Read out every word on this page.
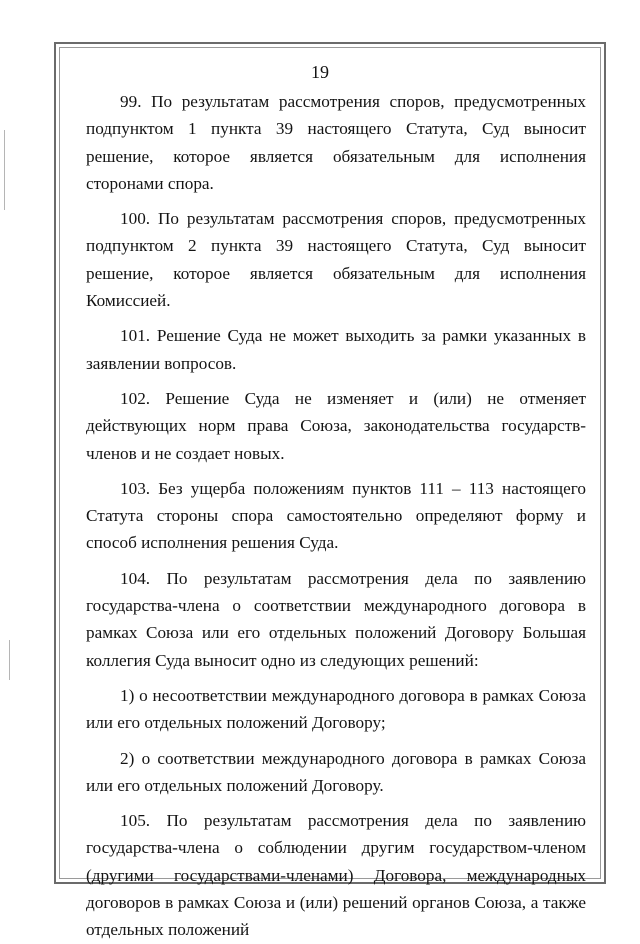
19

99. По результатам рассмотрения споров, предусмотренных подпунктом 1 пункта 39 настоящего Статута, Суд выносит решение, которое является обязательным для исполнения сторонами спора.

100. По результатам рассмотрения споров, предусмотренных подпунктом 2 пункта 39 настоящего Статута, Суд выносит решение, которое является обязательным для исполнения Комиссией.

101. Решение Суда не может выходить за рамки указанных в заявлении вопросов.

102. Решение Суда не изменяет и (или) не отменяет действующих норм права Союза, законодательства государств-членов и не создает новых.

103. Без ущерба положениям пунктов 111 – 113 настоящего Статута стороны спора самостоятельно определяют форму и способ исполнения решения Суда.

104. По результатам рассмотрения дела по заявлению государства-члена о соответствии международного договора в рамках Союза или его отдельных положений Договору Большая коллегия Суда выносит одно из следующих решений:

1) о несоответствии международного договора в рамках Союза или его отдельных положений Договору;

2) о соответствии международного договора в рамках Союза или его отдельных положений Договору.

105. По результатам рассмотрения дела по заявлению государства-члена о соблюдении другим государством-членом (другими государствами-членами) Договора, международных договоров в рамках Союза и (или) решений органов Союза, а также отдельных положений
